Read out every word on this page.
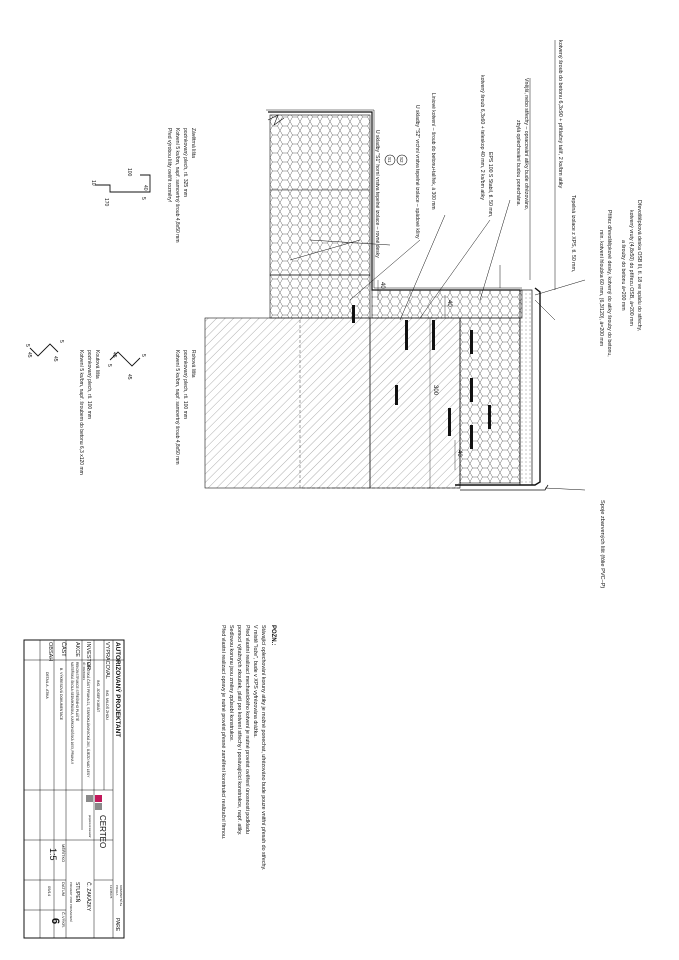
Dřevoštěpková deska OSB III, tl. 18 ve spádu do střechy,
kotvený vruty (4,8x50) do přířezu OSB, á=200 mm
a šrouby do betonu á=200 mm
Přířez dřevoštěpkové desky, kotvený do atiky šrouby do betonu,
min. kotvení hloubka 60 mm, (6,3/120), á=200 mm
Tepelná izolace z XPS, tl. 50 mm,
kotvený šroub do betonu 6,3x90 + přítlačný talíř, 2 ks/bm atiky
Vnější, nebo střechy – opracování atiky bude ofrézováno,
zbylá oplechování budou ponechána.
EPS 100 S Stabil, tl. 50 mm,
kotvený šroub 6,3x60 + teleskop 40 mm, 2 ks/bm atiky
Liniové kotvení – šroub do betonu+talířek, á 300 mm
U skladby "S2" vrchní vrstva tepelné izolace – spádové klíny
U skladby "S1" horní vrstva tepelné izolace – rovné desky
Spoje zbarvených lišt (fólie PVC–P)
S2
S1
300
40
40
40
100
40
5
170
10
Závětrná lišta
pozinkovaný plech, rš. 325 mm
Kotvení 5 ks/bm, např. samovrtný šroub 4,8x50 mm
Před výrobou lišty ověřit rozměry!
45
45
5
5	Rohová lišta
pozinkovaný plech, rš. 100 mm
Kotvení 5 ks/bm, např. samovrtný šroub 4,8x50 mm
45
45
5
5
Koutová lišta
pozinkovaný plech, rš. 100 mm
Kotvení 5 ks/bm, např. šroubem do betonu 6,3 x120 mm
POZN.:
Stávající oplechování koruny atiky je možné ponechat, ufrézováno bude pouze vnitřní přesah do střechy.
V místě "lože", bude v XPS vyfrézována drážka.
Před vlastní realizací mechanického kotvení je nutné provést ověření únosnosti podkladu
pomocí výtažných zkoušek, platí pro kotvení střechy i ponávajícící konstrukce, např. atiky.
Sedlovou korunu jsou změny způsobí konstrukce.
Před vlastní realizací opravy je nutné provést přesné zaměření konstrukcí realizační firmou.
AUTORIZOVANÝ PROJEKTANT
ING. MILOŠ ZHOU
VYPRACOVAL
ING. JOSEF KUBÁT
INVESTOR
MĚSTSKÁ ČÁST PRAHA 21, STAROKLÁNOVICKÁ 260, ÚJEZD NAD LESY
IČ: 00240923
AKCE
REKONSTRUKCE STŘEŠNÍHO PLÁŠTĚ
MATEŘSKÁ ŠKOLA SEDMIKRÁSKA, KARKONOŠSKÁ 1653, PRAHA 9
ČÁST
B. VÝKRESOVÁ DOKUMENTACE
OBSAH
DETAIL A - ATIKA
CERTEO
projektová kancelář
KOMUNITNÍ 8a
PRAHA
12345678
Č. ZAKÁZKY
STUPEŇ
PROJEKT PRO PROVEDENÍ
MĚŘÍTKO
DATUM
Č.VÝKR.
1:5
09/14
6	PARE
